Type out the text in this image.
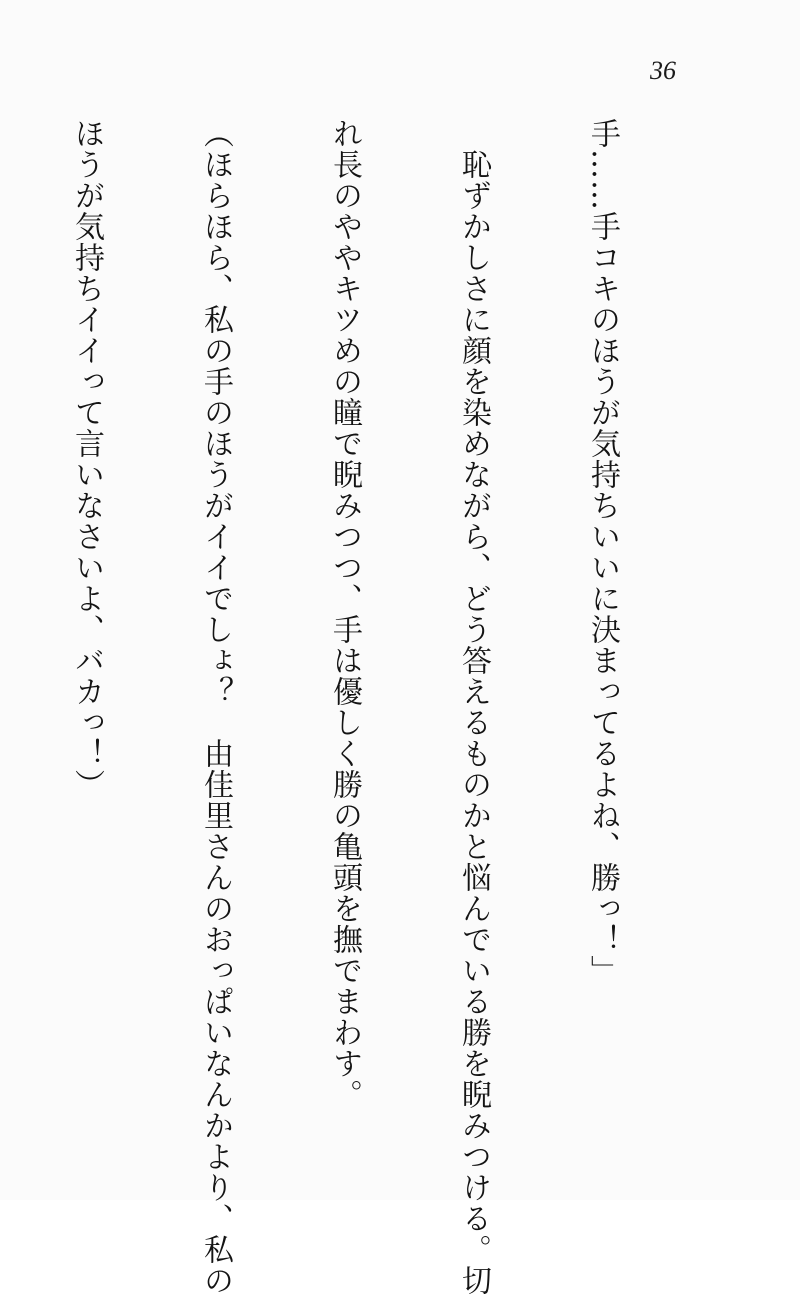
36

手……手コキのほうが気持ちいいに決まってるよね、勝っ！」

　恥ずかしさに顔を染めながら、どう答えるものかと悩んでいる勝を睨みつける。切

れ長のややキツめの瞳で睨みつつ、手は優しく勝の亀頭を撫でまわす。

（ほらほら、私の手のほうがイイでしょ？　由佳里さんのおっぱいなんかより、私の

ほうが気持ちイイって言いなさいよ、バカっ！）
